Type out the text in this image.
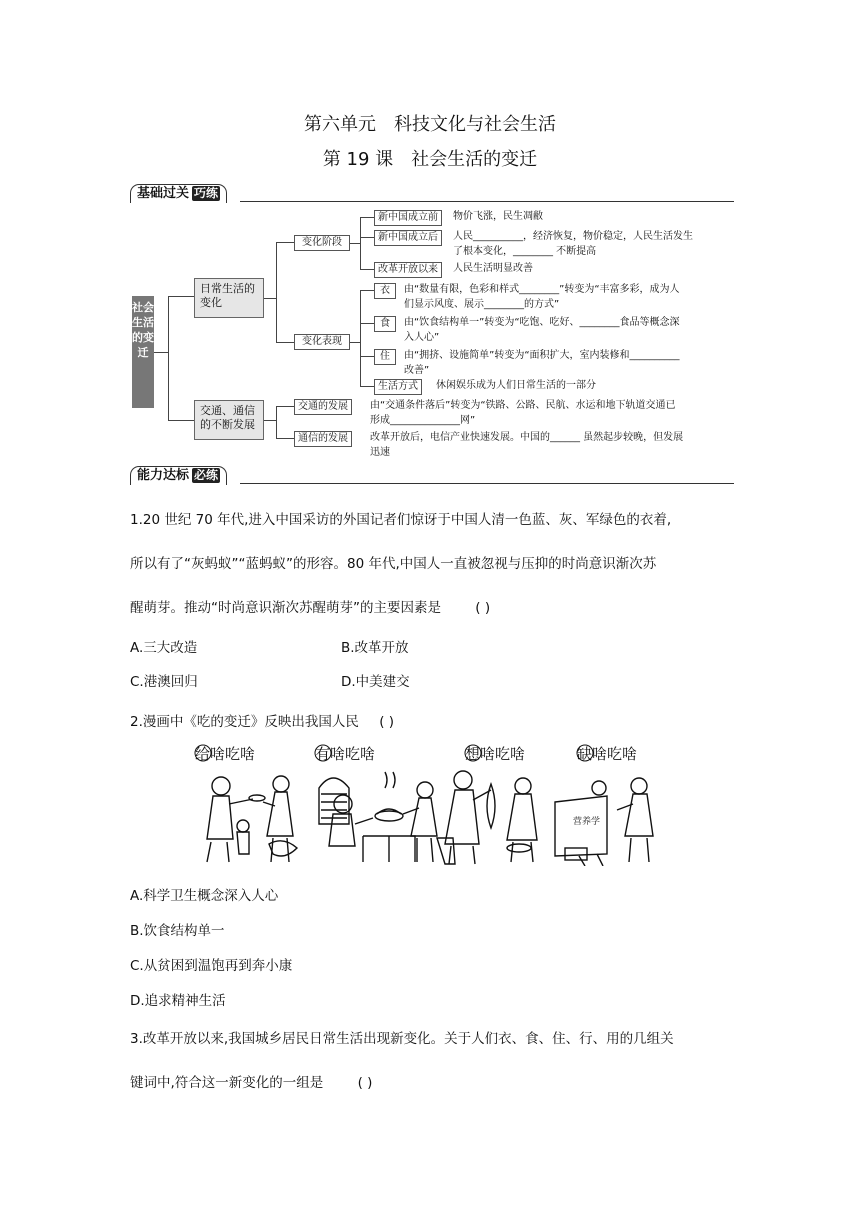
第六单元　科技文化与社会生活
第 19 课　社会生活的变迁
基础过关 巧练
社会生活的变迁
日常生活的变化
交通、通信的不断发展
变化阶段
变化表现
新中国成立前	物价飞涨，民生凋敝
新中国成立后	人民__________，经济恢复，物价稳定，人民生活发生
了根本变化，________ 不断提高
改革开放以来	人民生活明显改善
衣	由“数量有限，色彩和样式________”转变为“丰富多彩，成为人
们显示风度、展示________的方式”
食	由“饮食结构单一”转变为“吃饱、吃好、________食品等概念深
入人心”
住	由“拥挤、设施简单”转变为“面积扩大，室内装修和__________
改善”
生活方式	休闲娱乐成为人们日常生活的一部分
交通的发展	由“交通条件落后”转变为“铁路、公路、民航、水运和地下轨道交通已
形成______________网”
通信的发展	改革开放后，电信产业快速发展。中国的______ 虽然起步较晚，但发展
迅速
能力达标 必练
1.20 世纪 70 年代,进入中国采访的外国记者们惊讶于中国人清一色蓝、灰、军绿色的衣着,
所以有了“灰蚂蚁”“蓝蚂蚁”的形容。80 年代,中国人一直被忽视与压抑的时尚意识渐次苏
醒萌芽。推动“时尚意识渐次苏醒萌芽”的主要因素是	( )
A.三大改造	B.改革开放
C.港澳回归	D.中美建交
2.漫画中《吃的变迁》反映出我国人民 ( )
给啥吃啥	有啥吃啥	想啥吃啥	缺啥吃啥
营养学
A.科学卫生概念深入人心
B.饮食结构单一
C.从贫困到温饱再到奔小康
D.追求精神生活
3.改革开放以来,我国城乡居民日常生活出现新变化。关于人们衣、食、住、行、用的几组关
键词中,符合这一新变化的一组是	( )
